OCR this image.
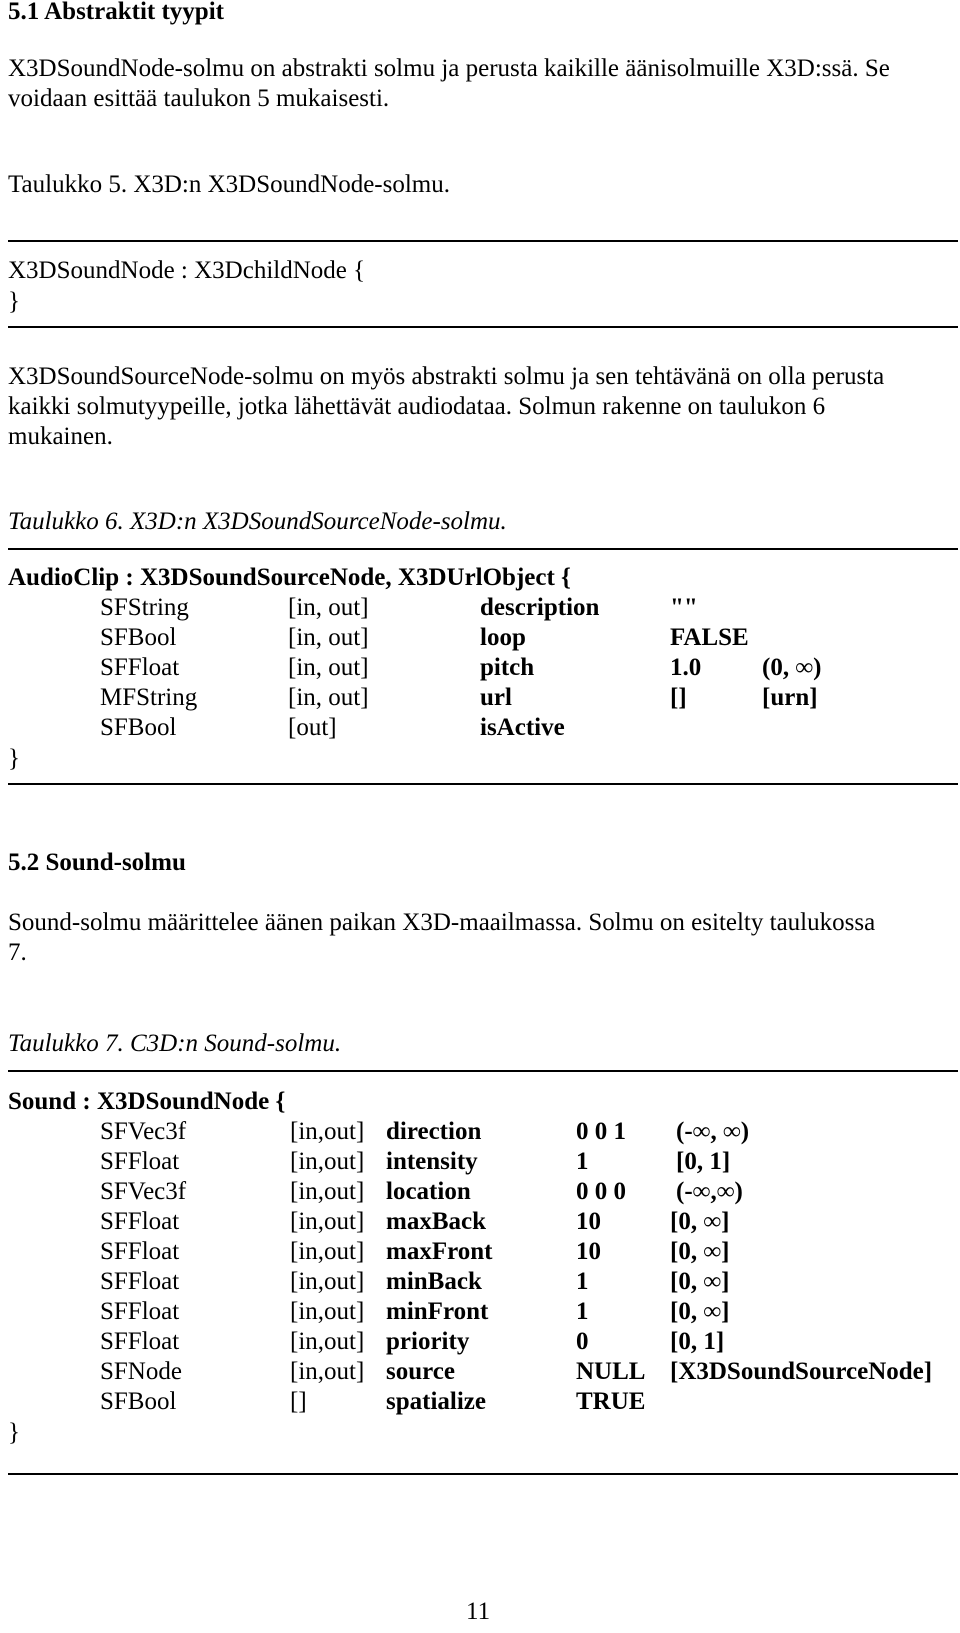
5.1 Abstraktit tyypit
X3DSoundNode-solmu on abstrakti solmu ja perusta kaikille äänisolmuille X3D:ssä. Se
voidaan esittää taulukon 5 mukaisesti.
Taulukko 5. X3D:n X3DSoundNode-solmu.
X3DSoundNode : X3DchildNode {
}
X3DSoundSourceNode-solmu on myös abstrakti solmu ja sen tehtävänä on olla perusta
kaikki solmutyypeille, jotka lähettävät audiodataa. Solmun rakenne on taulukon 6
mukainen.
Taulukko 6. X3D:n X3DSoundSourceNode-solmu.
AudioClip : X3DSoundSourceNode, X3DUrlObject {
SFString	[in, out]	description	""
SFBool	[in, out]	loop	FALSE
SFFloat	[in, out]	pitch	1.0 (0, ∞)
MFString	[in, out]	url	[]	[urn]
SFBool	[out]	isActive
}
5.2 Sound-solmu
Sound-solmu määrittelee äänen paikan X3D-maailmassa. Solmu on esitelty taulukossa
7.
Taulukko 7. C3D:n Sound-solmu.
Sound : X3DSoundNode {
SFVec3f	[in,out] direction	0 0 1 (-∞, ∞)
SFFloat	[in,out] intensity	1	[0, 1]
SFVec3f	[in,out] location	0 0 0 (-∞,∞)
SFFloat	[in,out] maxBack	10	[0, ∞]
SFFloat	[in,out] maxFront	10	[0, ∞]
SFFloat	[in,out] minBack	1	[0, ∞]
SFFloat	[in,out] minFront	1	[0, ∞]
SFFloat	[in,out] priority	0	[0, 1]
SFNode	[in,out] source	NULL [X3DSoundSourceNode]
SFBool	[]	spatialize	TRUE
}
11
